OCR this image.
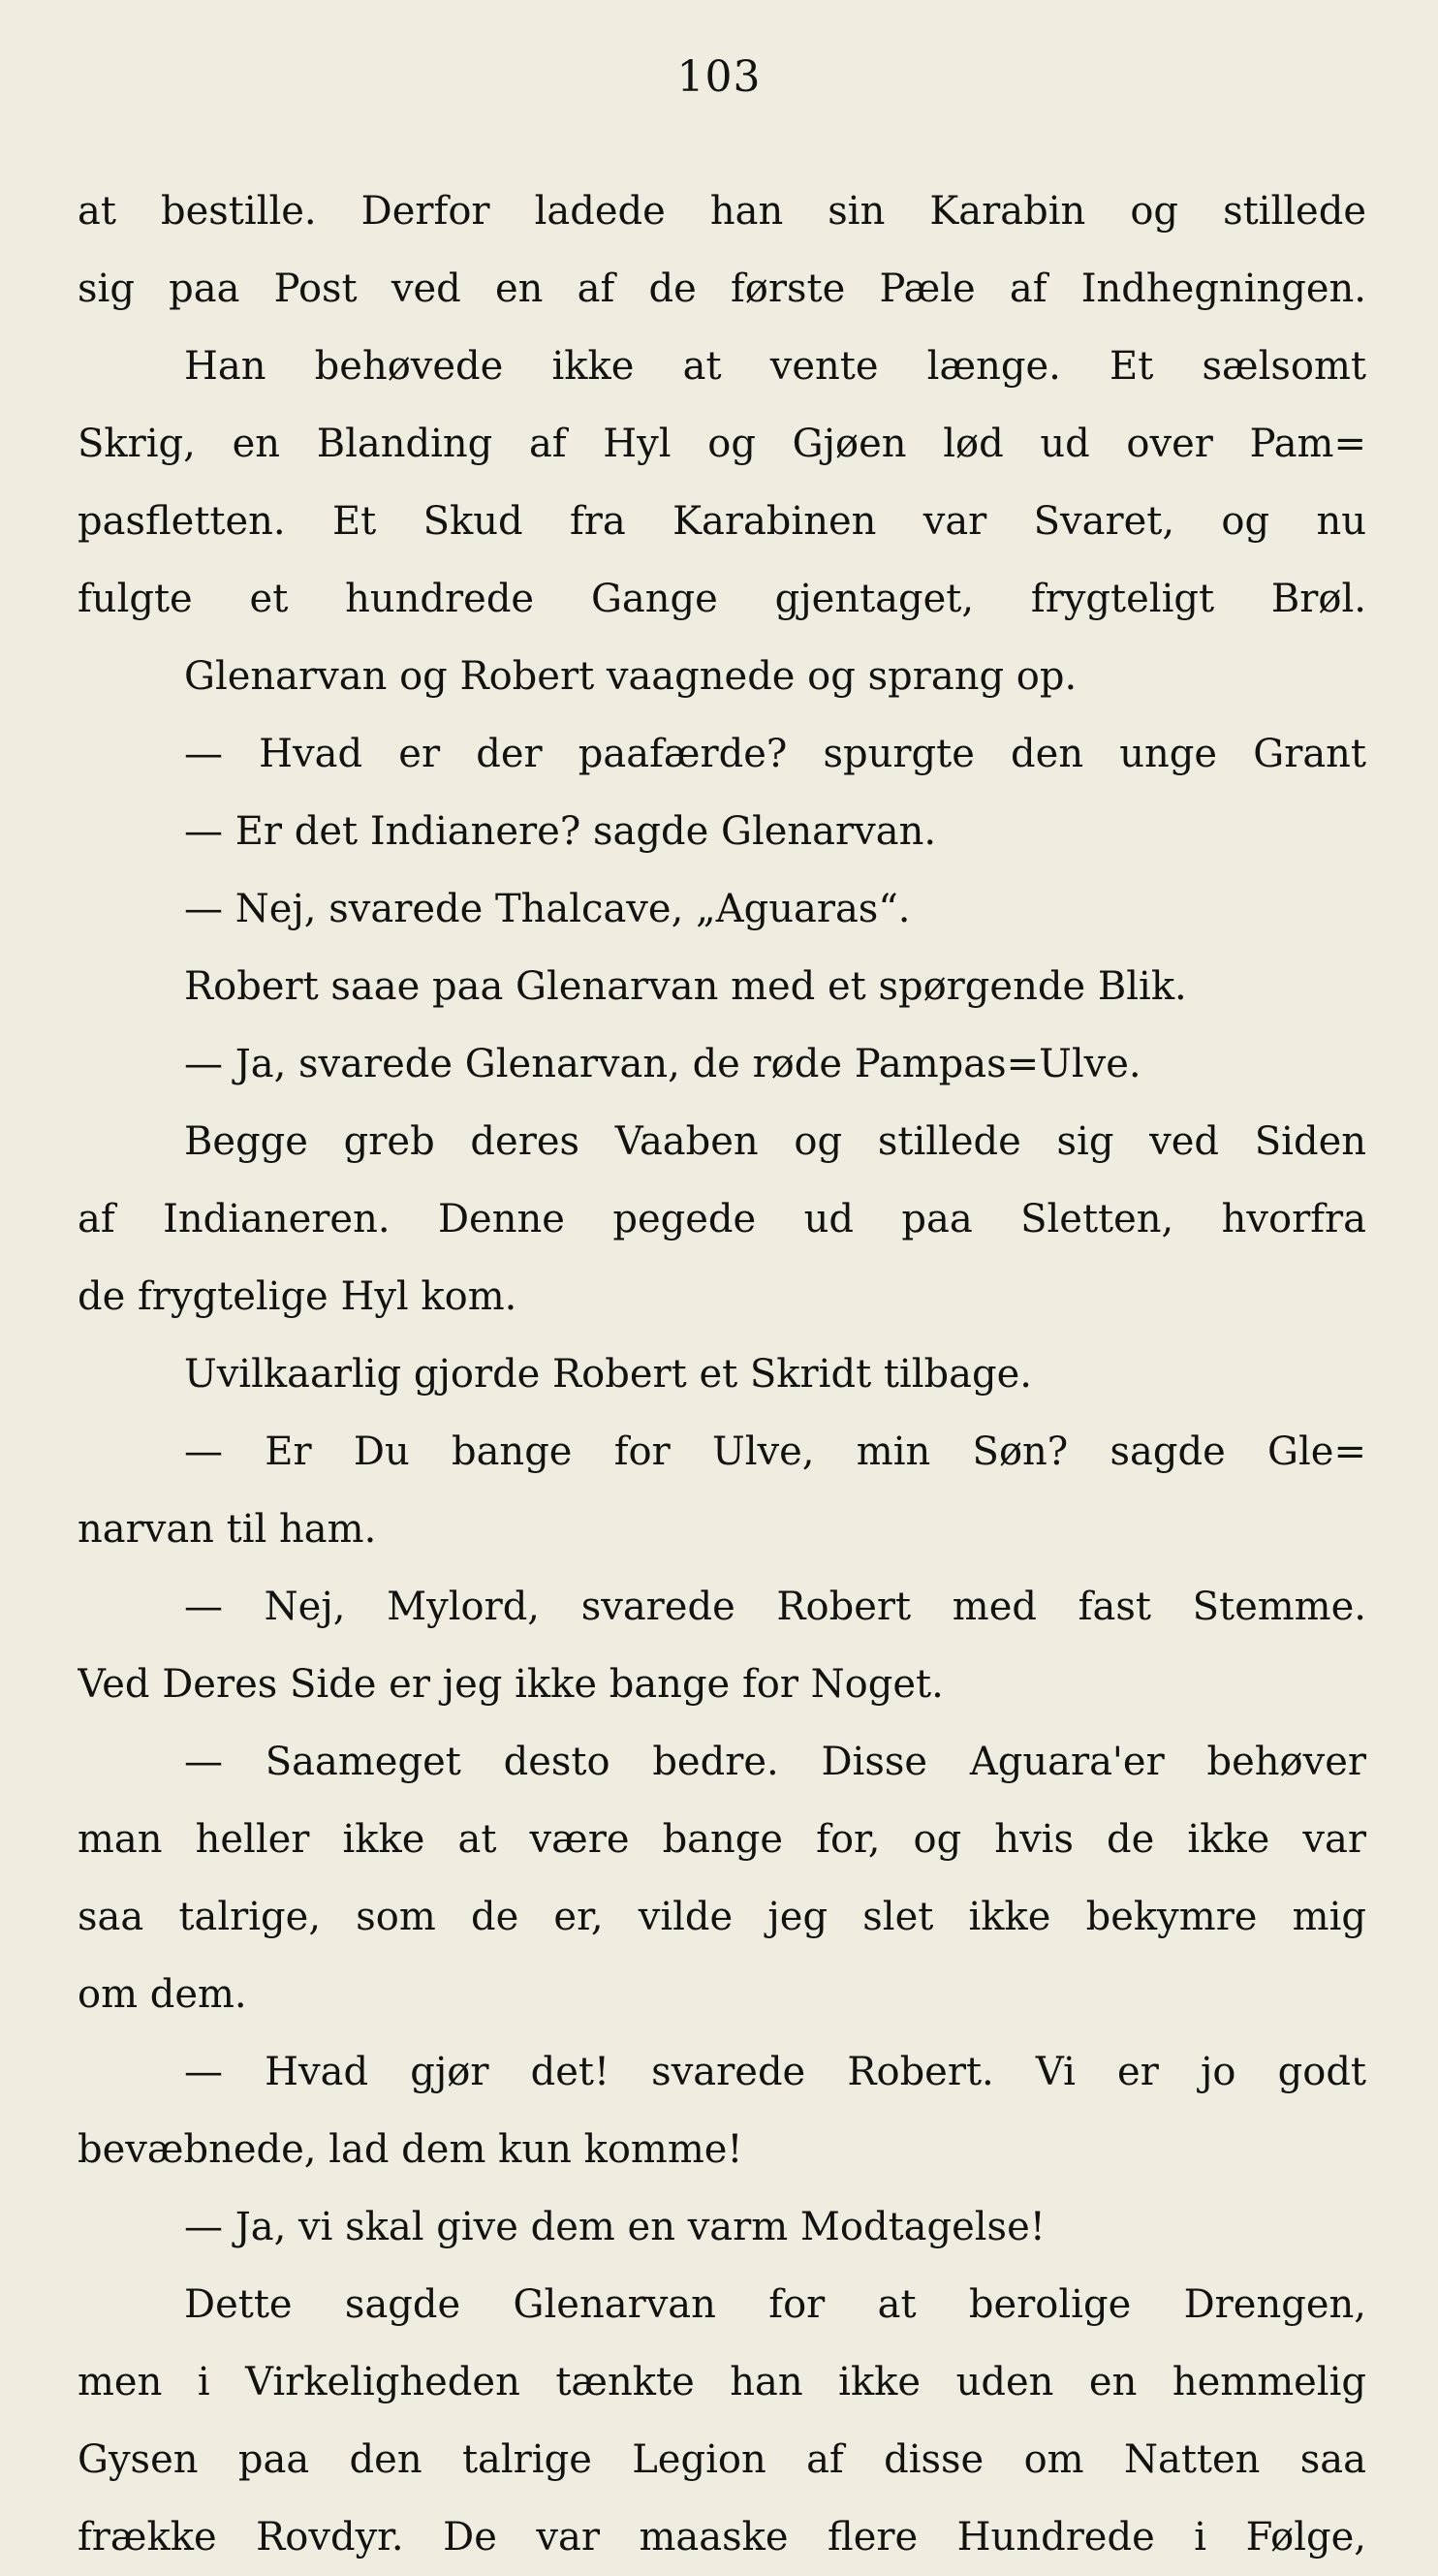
103
at bestille. Derfor ladede han sin Karabin og stillede
sig paa Post ved en af de første Pæle af Indhegningen.
Han behøvede ikke at vente længe. Et sælsomt
Skrig, en Blanding af Hyl og Gjøen lød ud over Pam=
pasfletten. Et Skud fra Karabinen var Svaret, og nu
fulgte et hundrede Gange gjentaget, frygteligt Brøl.
Glenarvan og Robert vaagnede og sprang op.
— Hvad er der paafærde? spurgte den unge Grant
— Er det Indianere? sagde Glenarvan.
— Nej, svarede Thalcave, „Aguaras“.
Robert saae paa Glenarvan med et spørgende Blik.
— Ja, svarede Glenarvan, de røde Pampas=Ulve.
Begge greb deres Vaaben og stillede sig ved Siden
af Indianeren. Denne pegede ud paa Sletten, hvorfra
de frygtelige Hyl kom.
Uvilkaarlig gjorde Robert et Skridt tilbage.
— Er Du bange for Ulve, min Søn? sagde Gle=
narvan til ham.
— Nej, Mylord, svarede Robert med fast Stemme.
Ved Deres Side er jeg ikke bange for Noget.
— Saameget desto bedre. Disse Aguara'er behøver
man heller ikke at være bange for, og hvis de ikke var
saa talrige, som de er, vilde jeg slet ikke bekymre mig
om dem.
— Hvad gjør det! svarede Robert. Vi er jo godt
bevæbnede, lad dem kun komme!
— Ja, vi skal give dem en varm Modtagelse!
Dette sagde Glenarvan for at berolige Drengen,
men i Virkeligheden tænkte han ikke uden en hemmelig
Gysen paa den talrige Legion af disse om Natten saa
frække Rovdyr. De var maaske flere Hundrede i Følge,
